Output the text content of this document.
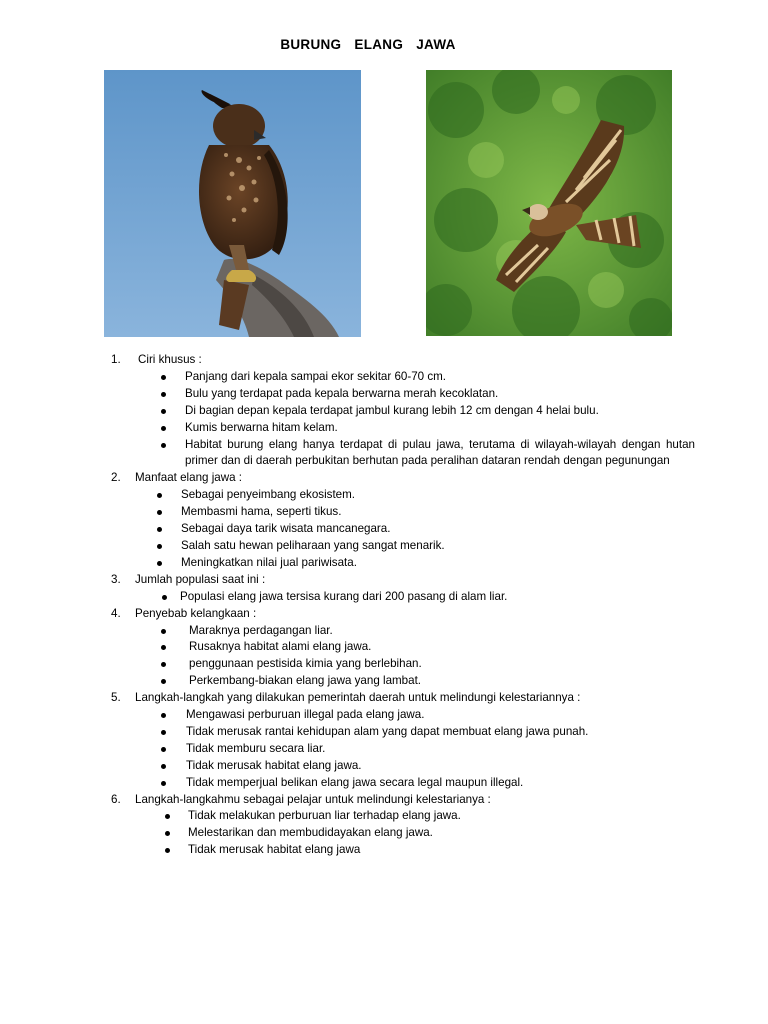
BURUNG ELANG JAWA
1.	Ciri khusus :
Panjang dari kepala sampai ekor sekitar 60-70 cm.
Bulu yang terdapat pada kepala berwarna merah kecoklatan.
Di bagian depan kepala terdapat jambul kurang lebih 12 cm dengan 4 helai bulu.
Kumis berwarna hitam kelam.
Habitat burung elang hanya terdapat di pulau jawa, terutama di wilayah-wilayah dengan hutan primer dan di daerah perbukitan berhutan pada peralihan dataran rendah dengan pegunungan
2.	Manfaat elang jawa :
Sebagai penyeimbang ekosistem.
Membasmi hama, seperti tikus.
Sebagai daya tarik wisata mancanegara.
Salah satu hewan peliharaan yang sangat menarik.
Meningkatkan nilai jual pariwisata.
3.	Jumlah populasi saat ini :
Populasi elang jawa tersisa kurang dari 200 pasang di alam liar.
4.	Penyebab kelangkaan :
Maraknya perdagangan liar.
Rusaknya habitat alami elang jawa.
penggunaan pestisida kimia yang berlebihan.
Perkembang-biakan elang jawa yang lambat.
5.	Langkah-langkah yang dilakukan pemerintah daerah untuk melindungi kelestariannya :
Mengawasi perburuan illegal pada elang jawa.
Tidak merusak rantai kehidupan alam yang dapat membuat elang jawa punah.
Tidak memburu secara liar.
Tidak merusak habitat elang jawa.
Tidak memperjual belikan elang jawa secara legal maupun illegal.
6.	Langkah-langkahmu sebagai pelajar untuk melindungi kelestarianya :
Tidak melakukan perburuan liar terhadap elang jawa.
Melestarikan dan membudidayakan elang jawa.
Tidak merusak habitat elang jawa
